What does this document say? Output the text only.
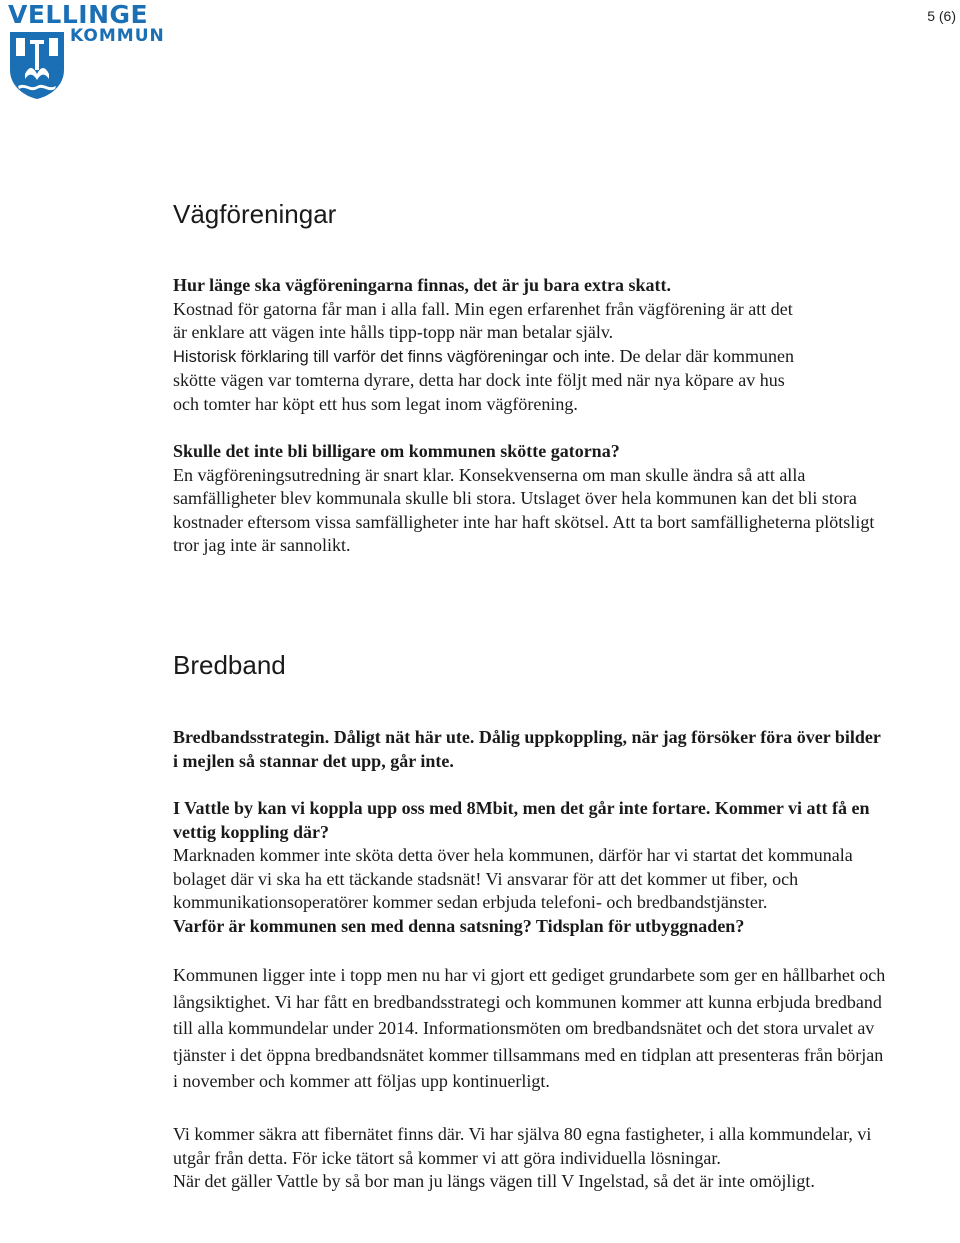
VELLINGE
KOMMUN
5 (6)
Vägföreningar

Hur länge ska vägföreningarna finnas, det är ju bara extra skatt.

Kostnad för gatorna får man i alla fall. Min egen erfarenhet från vägförening är att det

är enklare att vägen inte hålls tipp-topp när man betalar själv.

Historisk förklaring till varför det finns vägföreningar och inte. De delar där kommunen

skötte vägen var tomterna dyrare, detta har dock inte följt med när nya köpare av hus

och tomter har köpt ett hus som legat inom vägförening.

Skulle det inte bli billigare om kommunen skötte gatorna?

En vägföreningsutredning är snart klar. Konsekvenserna om man skulle ändra så att alla samfälligheter blev kommunala skulle bli stora. Utslaget över hela kommunen kan det bli stora kostnader eftersom vissa samfälligheter inte har haft skötsel. Att ta bort samfälligheterna plötsligt tror jag inte är sannolikt.

Bredband

Bredbandsstrategin. Dåligt nät här ute. Dålig uppkoppling, när jag försöker föra över bilder i mejlen så stannar det upp, går inte.

I Vattle by kan vi koppla upp oss med 8Mbit, men det går inte fortare. Kommer vi att få en vettig koppling där?

Marknaden kommer inte sköta detta över hela kommunen, därför har vi startat det kommunala bolaget där vi ska ha ett täckande stadsnät! Vi ansvarar för att det kommer ut fiber, och kommunikationsoperatörer kommer sedan erbjuda telefoni- och bredbandstjänster.

Varför är kommunen sen med denna satsning? Tidsplan för utbyggnaden?

Kommunen ligger inte i topp men nu har vi gjort ett gediget grundarbete som ger en hållbarhet och långsiktighet. Vi har fått en bredbandsstrategi och kommunen kommer att kunna erbjuda bredband till alla kommundelar under 2014. Informationsmöten om bredbandsnätet och det stora urvalet av tjänster i det öppna bredbandsnätet kommer tillsammans med en tidplan att presenteras från början i november och kommer att följas upp kontinuerligt.

Vi kommer säkra att fibernätet finns där. Vi har själva 80 egna fastigheter, i alla kommundelar, vi utgår från detta. För icke tätort så kommer vi att göra individuella lösningar.

När det gäller Vattle by så bor man ju längs vägen till V Ingelstad, så det är inte omöjligt.
